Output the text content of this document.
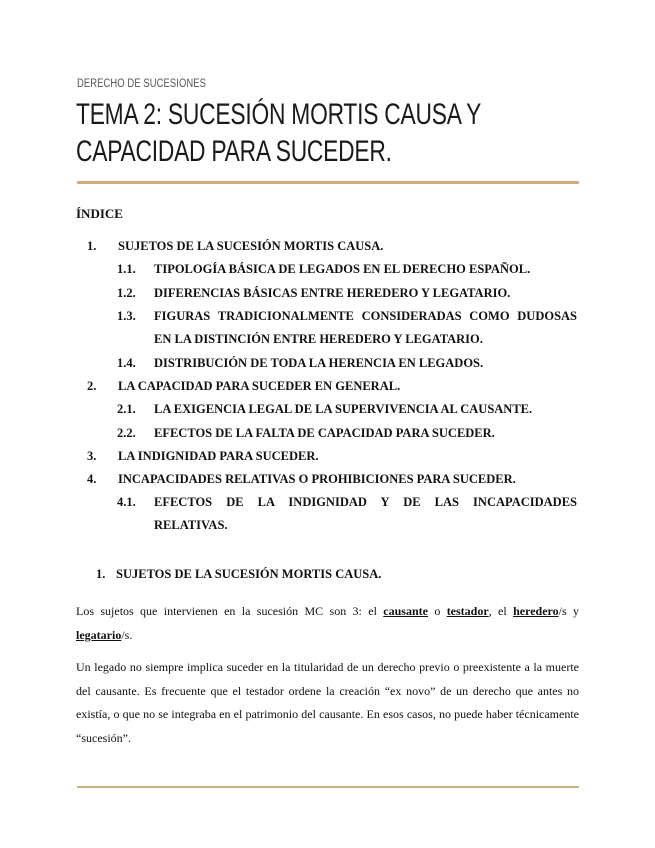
DERECHO DE SUCESIONES
TEMA 2: SUCESIÓN MORTIS CAUSA Y CAPACIDAD PARA SUCEDER.
ÍNDICE
1. SUJETOS DE LA SUCESIÓN MORTIS CAUSA.
1.1. TIPOLOGÍA BÁSICA DE LEGADOS EN EL DERECHO ESPAÑOL.
1.2. DIFERENCIAS BÁSICAS ENTRE HEREDERO Y LEGATARIO.
1.3. FIGURAS TRADICIONALMENTE CONSIDERADAS COMO DUDOSAS EN LA DISTINCIÓN ENTRE HEREDERO Y LEGATARIO.
1.4. DISTRIBUCIÓN DE TODA LA HERENCIA EN LEGADOS.
2. LA CAPACIDAD PARA SUCEDER EN GENERAL.
2.1. LA EXIGENCIA LEGAL DE LA SUPERVIVENCIA AL CAUSANTE.
2.2. EFECTOS DE LA FALTA DE CAPACIDAD PARA SUCEDER.
3. LA INDIGNIDAD PARA SUCEDER.
4. INCAPACIDADES RELATIVAS O PROHIBICIONES PARA SUCEDER.
4.1. EFECTOS DE LA INDIGNIDAD Y DE LAS INCAPACIDADES RELATIVAS.
1. SUJETOS DE LA SUCESIÓN MORTIS CAUSA.

Los sujetos que intervienen en la sucesión MC son 3: el causante o testador, el heredero/s y legatario/s.

Un legado no siempre implica suceder en la titularidad de un derecho previo o preexistente a la muerte del causante. Es frecuente que el testador ordene la creación “ex novo” de un derecho que antes no existía, o que no se integraba en el patrimonio del causante. En esos casos, no puede haber técnicamente “sucesión”.
